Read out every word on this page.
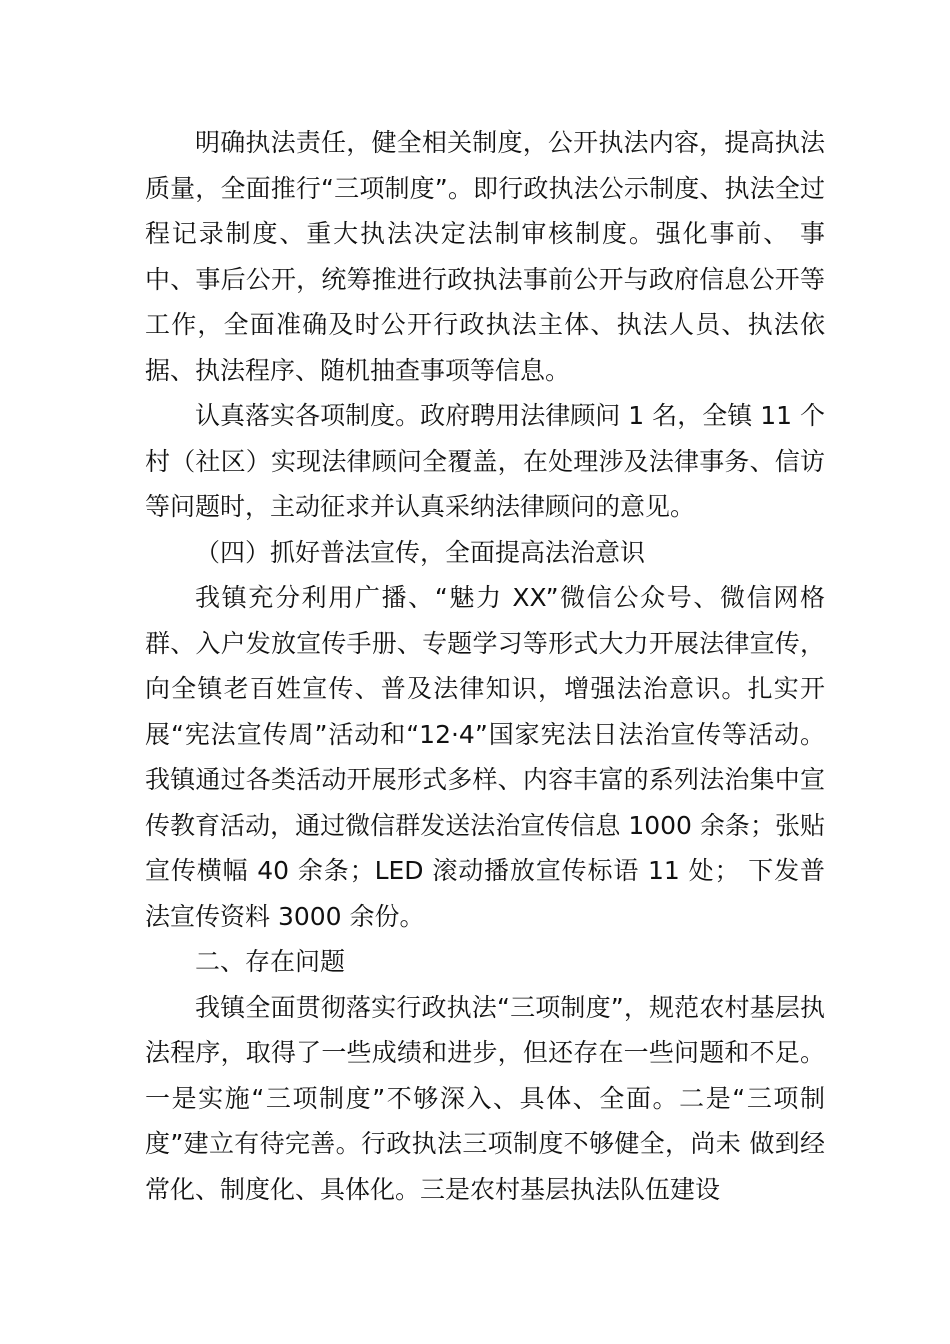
明确执法责任，健全相关制度，公开执法内容，提高执法质量，全面推行“三项制度”。即行政执法公示制度、执法全过程记录制度、重大执法决定法制审核制度。强化事前、 事中、事后公开，统筹推进行政执法事前公开与政府信息公开等工作，全面准确及时公开行政执法主体、执法人员、执法依据、执法程序、随机抽查事项等信息。

认真落实各项制度。政府聘用法律顾问 1 名，全镇 11 个村（社区）实现法律顾问全覆盖，在处理涉及法律事务、信访等问题时，主动征求并认真采纳法律顾问的意见。

（四）抓好普法宣传，全面提高法治意识

我镇充分利用广播、“魅力 XX”微信公众号、微信网格群、入户发放宣传手册、专题学习等形式大力开展法律宣传， 向全镇老百姓宣传、普及法律知识，增强法治意识。扎实开展“宪法宣传周”活动和“12·4”国家宪法日法治宣传等活动。我镇通过各类活动开展形式多样、内容丰富的系列法治集中宣传教育活动，通过微信群发送法治宣传信息 1000 余条；张贴宣传横幅 40 余条；LED 滚动播放宣传标语 11 处； 下发普法宣传资料 3000 余份。

二、存在问题

我镇全面贯彻落实行政执法“三项制度”，规范农村基层执法程序，取得了一些成绩和进步，但还存在一些问题和不足。一是实施“三项制度”不够深入、具体、全面。二是“三项制度”建立有待完善。行政执法三项制度不够健全，尚未 做到经常化、制度化、具体化。三是农村基层执法队伍建设
